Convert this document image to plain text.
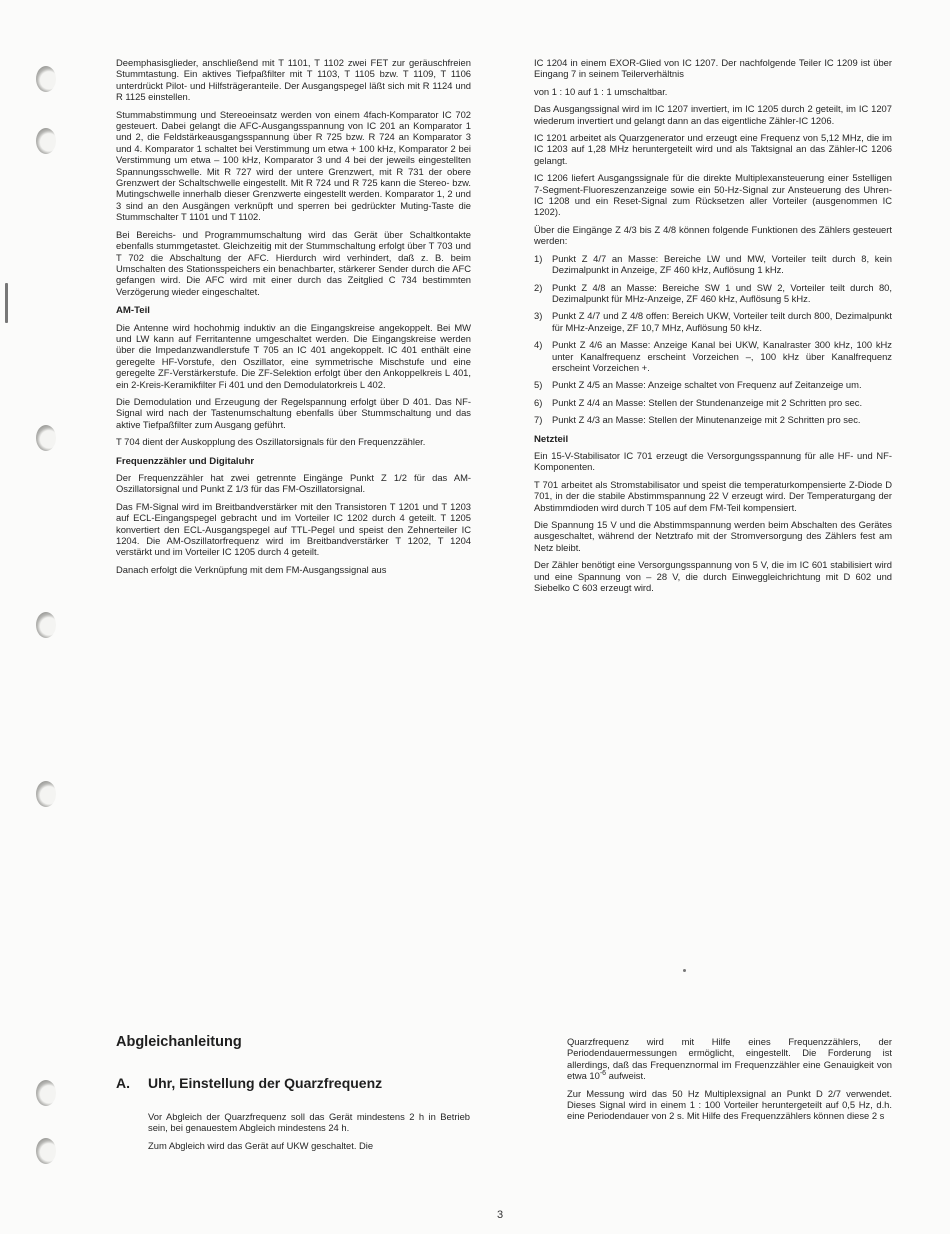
Deemphasisglieder, anschließend mit T 1101, T 1102 zwei FET zur geräuschfreien Stummtastung. Ein aktives Tiefpaßfilter mit T 1103, T 1105 bzw. T 1109, T 1106 unterdrückt Pilot- und Hilfsträgeranteile. Der Ausgangspegel läßt sich mit R 1124 und R 1125 einstellen.

Stummabstimmung und Stereoeinsatz werden von einem 4fach-Komparator IC 702 gesteuert. Dabei gelangt die AFC-Ausgangsspannung von IC 201 an Komparator 1 und 2, die Feldstärkeausgangsspannung über R 725 bzw. R 724 an Komparator 3 und 4. Komparator 1 schaltet bei Verstimmung um etwa + 100 kHz, Komparator 2 bei Verstimmung um etwa – 100 kHz, Komparator 3 und 4 bei der jeweils eingestellten Spannungsschwelle. Mit R 727 wird der untere Grenzwert, mit R 731 der obere Grenzwert der Schaltschwelle eingestellt. Mit R 724 und R 725 kann die Stereo- bzw. Mutingschwelle innerhalb dieser Grenzwerte eingestellt werden. Komparator 1, 2 und 3 sind an den Ausgängen verknüpft und sperren bei gedrückter Muting-Taste die Stummschalter T 1101 und T 1102.

Bei Bereichs- und Programmumschaltung wird das Gerät über Schaltkontakte ebenfalls stummgetastet. Gleichzeitig mit der Stummschaltung erfolgt über T 703 und T 702 die Abschaltung der AFC. Hierdurch wird verhindert, daß z. B. beim Umschalten des Stationsspeichers ein benachbarter, stärkerer Sender durch die AFC gefangen wird. Die AFC wird mit einer durch das Zeitglied C 734 bestimmten Verzögerung wieder eingeschaltet.

AM-Teil

Die Antenne wird hochohmig induktiv an die Eingangskreise angekoppelt. Bei MW und LW kann auf Ferritantenne umgeschaltet werden. Die Eingangskreise werden über die Impedanzwandlerstufe T 705 an IC 401 angekoppelt. IC 401 enthält eine geregelte HF-Vorstufe, den Oszillator, eine symmetrische Mischstufe und eine geregelte ZF-Verstärkerstufe. Die ZF-Selektion erfolgt über den Ankoppelkreis L 401, ein 2-Kreis-Keramikfilter Fi 401 und den Demodulatorkreis L 402.

Die Demodulation und Erzeugung der Regelspannung erfolgt über D 401. Das NF-Signal wird nach der Tastenumschaltung ebenfalls über Stummschaltung und das aktive Tiefpaßfilter zum Ausgang geführt.

T 704 dient der Auskopplung des Oszillatorsignals für den Frequenzzähler.

Frequenzzähler und Digitaluhr

Der Frequenzzähler hat zwei getrennte Eingänge Punkt Z 1/2 für das AM-Oszillatorsignal und Punkt Z 1/3 für das FM-Oszillatorsignal.

Das FM-Signal wird im Breitbandverstärker mit den Transistoren T 1201 und T 1203 auf ECL-Eingangspegel gebracht und im Vorteiler IC 1202 durch 4 geteilt. T 1205 konvertiert den ECL-Ausgangspegel auf TTL-Pegel und speist den Zehnerteiler IC 1204. Die AM-Oszillatorfrequenz wird im Breitbandverstärker T 1202, T 1204 verstärkt und im Vorteiler IC 1205 durch 4 geteilt.

Danach erfolgt die Verknüpfung mit dem FM-Ausgangssignal aus

IC 1204 in einem EXOR-Glied von IC 1207. Der nachfolgende Teiler IC 1209 ist über Eingang 7 in seinem Teilerverhältnis

von 1 : 10 auf 1 : 1 umschaltbar.

Das Ausgangssignal wird im IC 1207 invertiert, im IC 1205 durch 2 geteilt, im IC 1207 wiederum invertiert und gelangt dann an das eigentliche Zähler-IC 1206.

IC 1201 arbeitet als Quarzgenerator und erzeugt eine Frequenz von 5,12 MHz, die im IC 1203 auf 1,28 MHz heruntergeteilt wird und als Taktsignal an das Zähler-IC 1206 gelangt.

IC 1206 liefert Ausgangssignale für die direkte Multiplexansteuerung einer 5stelligen 7-Segment-Fluoreszenzanzeige sowie ein 50-Hz-Signal zur Ansteuerung des Uhren-IC 1208 und ein Reset-Signal zum Rücksetzen aller Vorteiler (ausgenommen IC 1202).

Über die Eingänge Z 4/3 bis Z 4/8 können folgende Funktionen des Zählers gesteuert werden:

1) Punkt Z 4/7 an Masse: Bereiche LW und MW, Vorteiler teilt durch 8, kein Dezimalpunkt in Anzeige, ZF 460 kHz, Auflösung 1 kHz.
2) Punkt Z 4/8 an Masse: Bereiche SW 1 und SW 2, Vorteiler teilt durch 80, Dezimalpunkt für MHz-Anzeige, ZF 460 kHz, Auflösung 5 kHz.
3) Punkt Z 4/7 und Z 4/8 offen: Bereich UKW, Vorteiler teilt durch 800, Dezimalpunkt für MHz-Anzeige, ZF 10,7 MHz, Auflösung 50 kHz.
4) Punkt Z 4/6 an Masse: Anzeige Kanal bei UKW, Kanalraster 300 kHz, 100 kHz unter Kanalfrequenz erscheint Vorzeichen –, 100 kHz über Kanalfrequenz erscheint Vorzeichen +.
5) Punkt Z 4/5 an Masse: Anzeige schaltet von Frequenz auf Zeitanzeige um.
6) Punkt Z 4/4 an Masse: Stellen der Stundenanzeige mit 2 Schritten pro sec.
7) Punkt Z 4/3 an Masse: Stellen der Minutenanzeige mit 2 Schritten pro sec.
Netzteil

Ein 15-V-Stabilisator IC 701 erzeugt die Versorgungsspannung für alle HF- und NF-Komponenten.

T 701 arbeitet als Stromstabilisator und speist die temperaturkompensierte Z-Diode D 701, in der die stabile Abstimmspannung 22 V erzeugt wird. Der Temperaturgang der Abstimmdioden wird durch T 105 auf dem FM-Teil kompensiert.

Die Spannung 15 V und die Abstimmspannung werden beim Abschalten des Gerätes ausgeschaltet, während der Netztrafo mit der Stromversorgung des Zählers fest am Netz bleibt.

Der Zähler benötigt eine Versorgungsspannung von 5 V, die im IC 601 stabilisiert wird und eine Spannung von – 28 V, die durch Einweggleichrichtung mit D 602 und Siebelko C 603 erzeugt wird.

Abgleichanleitung
A. Uhr, Einstellung der Quarzfrequenz

Vor Abgleich der Quarzfrequenz soll das Gerät mindestens 2 h in Betrieb sein, bei genauestem Abgleich mindestens 24 h.

Zum Abgleich wird das Gerät auf UKW geschaltet. Die

Quarzfrequenz wird mit Hilfe eines Frequenzzählers, der Periodendauermessungen ermöglicht, eingestellt. Die Forderung ist allerdings, daß das Frequenznormal im Frequenzzähler eine Genauigkeit von etwa $10^{-6}$ aufweist.

Zur Messung wird das 50 Hz Multiplexsignal an Punkt D 2/7 verwendet. Dieses Signal wird in einem 1 : 100 Vorteiler heruntergeteilt auf 0,5 Hz, d.h. eine Periodendauer von 2 s. Mit Hilfe des Frequenzzählers können diese 2 s

3
